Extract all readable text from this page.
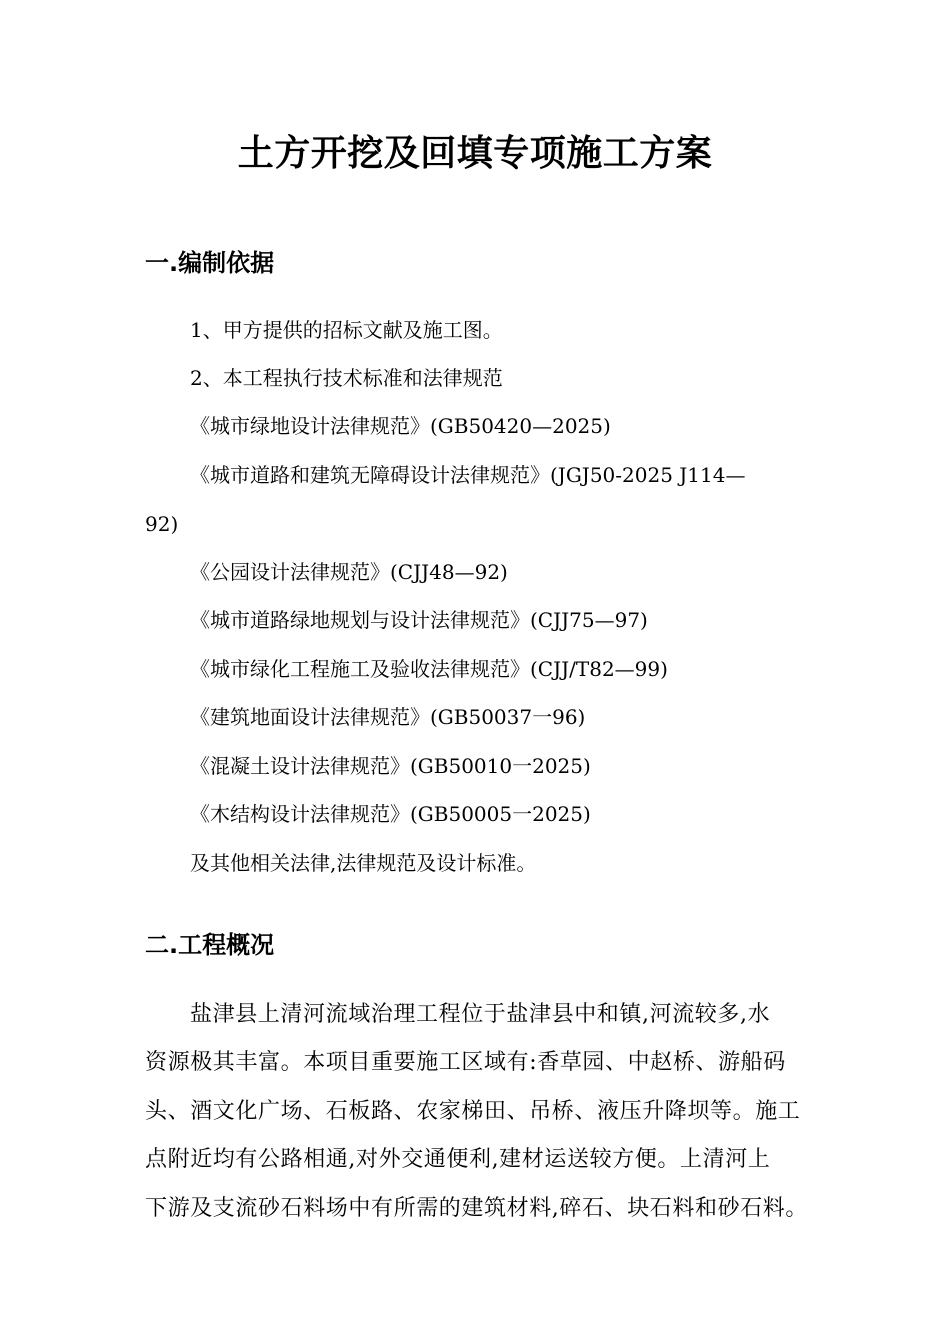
土方开挖及回填专项施工方案
一.编制依据
1、甲方提供的招标文献及施工图。
2、本工程执行技术标准和法律规范
《城市绿地设计法律规范》(GB50420—2025)
《城市道路和建筑无障碍设计法律规范》(JGJ50-2025 J114—
92)
《公园设计法律规范》(CJJ48—92)
《城市道路绿地规划与设计法律规范》(CJJ75—97)
《城市绿化工程施工及验收法律规范》(CJJ/T82—99)
《建筑地面设计法律规范》(GB50037一96)
《混凝土设计法律规范》(GB50010一2025)
《木结构设计法律规范》(GB50005一2025)
及其他相关法律,法律规范及设计标准。
二.工程概况
盐津县上清河流域治理工程位于盐津县中和镇,河流较多,水
资源极其丰富。本项目重要施工区域有:香草园、中赵桥、游船码
头、酒文化广场、石板路、农家梯田、吊桥、液压升降坝等。施工
点附近均有公路相通,对外交通便利,建材运送较方便。上清河上
下游及支流砂石料场中有所需的建筑材料,碎石、块石料和砂石料。
